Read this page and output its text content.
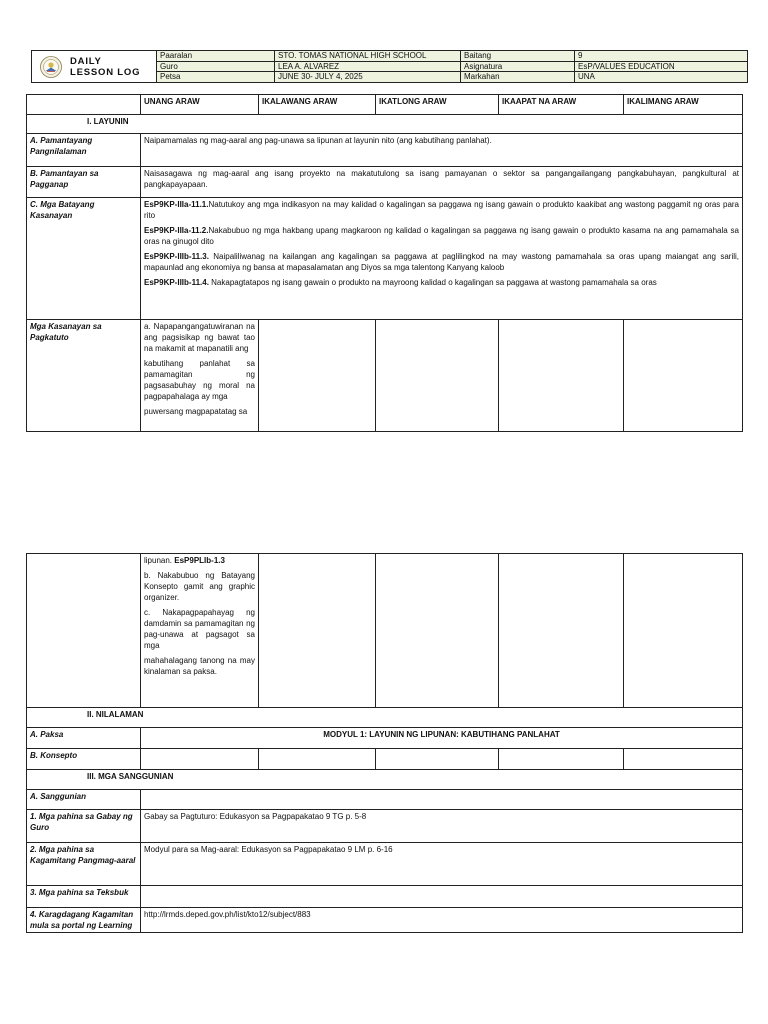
DAILY
LESSON LOG	Paaralan	STO. TOMAS NATIONAL HIGH SCHOOL	Baitang	9
	Guro	LEA A. ALVAREZ	Asignatura	EsP/VALUES EDUCATION
	Petsa	JUNE 30- JULY 4, 2025	Markahan	UNA
	UNANG ARAW	IKALAWANG ARAW	IKATLONG ARAW	IKAAPAT NA ARAW	IKALIMANG ARAW
I. LAYUNIN					
A. Pamantayang Pangnilalaman	Naipamamalas ng mag-aaral ang pag-unawa sa lipunan at layunin nito (ang kabutihang panlahat).				
B. Pamantayan sa Pagganap	Naisasagawa ng mag-aaral ang isang proyekto na makatutulong sa isang pamayanan o sektor sa pangangailangang pangkabuhayan, pangkultural at pangkapayapaan.				
C. Mga Batayang Kasanayan	EsP9KP-IIIa-11.1.Natutukoy ang mga indikasyon na may kalidad o kagalingan sa paggawa ng isang gawain o produkto kaakibat ang wastong paggamit ng oras para rito

EsP9KP-IIIa-11.2.Nakabubuo ng mga hakbang upang magkaroon ng kalidad o kagalingan sa paggawa ng isang gawain o produkto kasama na ang pamamahala sa oras na ginugol dito

EsP9KP-IIIb-11.3. Naipaliliwanag na kailangan ang kagalingan sa paggawa at paglilingkod na may wastong pamamahala sa oras upang maiangat ang sarili, mapaunlad ang ekonomiya ng bansa at mapasalamatan ang Diyos sa mga talentong Kanyang kaloob

EsP9KP-IIIb-11.4. Nakapagtatapos ng isang gawain o produkto na mayroong kalidad o kagalingan sa paggawa at wastong pamamahala sa oras				

Mga Kasanayan sa Pagkatuto	a. Napapangangatuwiranan na ang pagsisikap ng bawat tao na makamit at mapanatili ang

kabutihang panlahat sa pamamagitan ng pagsasabuhay ng moral na pagpapahalaga ay mga

puwersang magpapatatag sa				

	lipunan. EsP9PLIb-1.3

b. Nakabubuo ng Batayang Konsepto gamit ang graphic organizer.

c. Nakapagpapahayag ng damdamin sa pamamagitan ng pag-unawa at pagsagot sa mga

mahahalagang tanong na may kinalaman sa paksa.				

II. NILALAMAN					
A. Paksa	MODYUL 1: LAYUNIN NG LIPUNAN: KABUTIHANG PANLAHAT				
B. Konsepto					
III. MGA SANGGUNIAN					
A. Sanggunian					
1. Mga pahina sa Gabay ng Guro	Gabay sa Pagtuturo: Edukasyon sa Pagpapakatao 9 TG p. 5-8				
2. Mga pahina sa Kagamitang Pangmag-aaral	Modyul para sa Mag-aaral: Edukasyon sa Pagpapakatao 9 LM p. 6-16				
3. Mga pahina sa Teksbuk					
4. Karagdagang Kagamitan mula sa portal ng Learning	http://lrmds.deped.gov.ph/list/kto12/subject/883				
